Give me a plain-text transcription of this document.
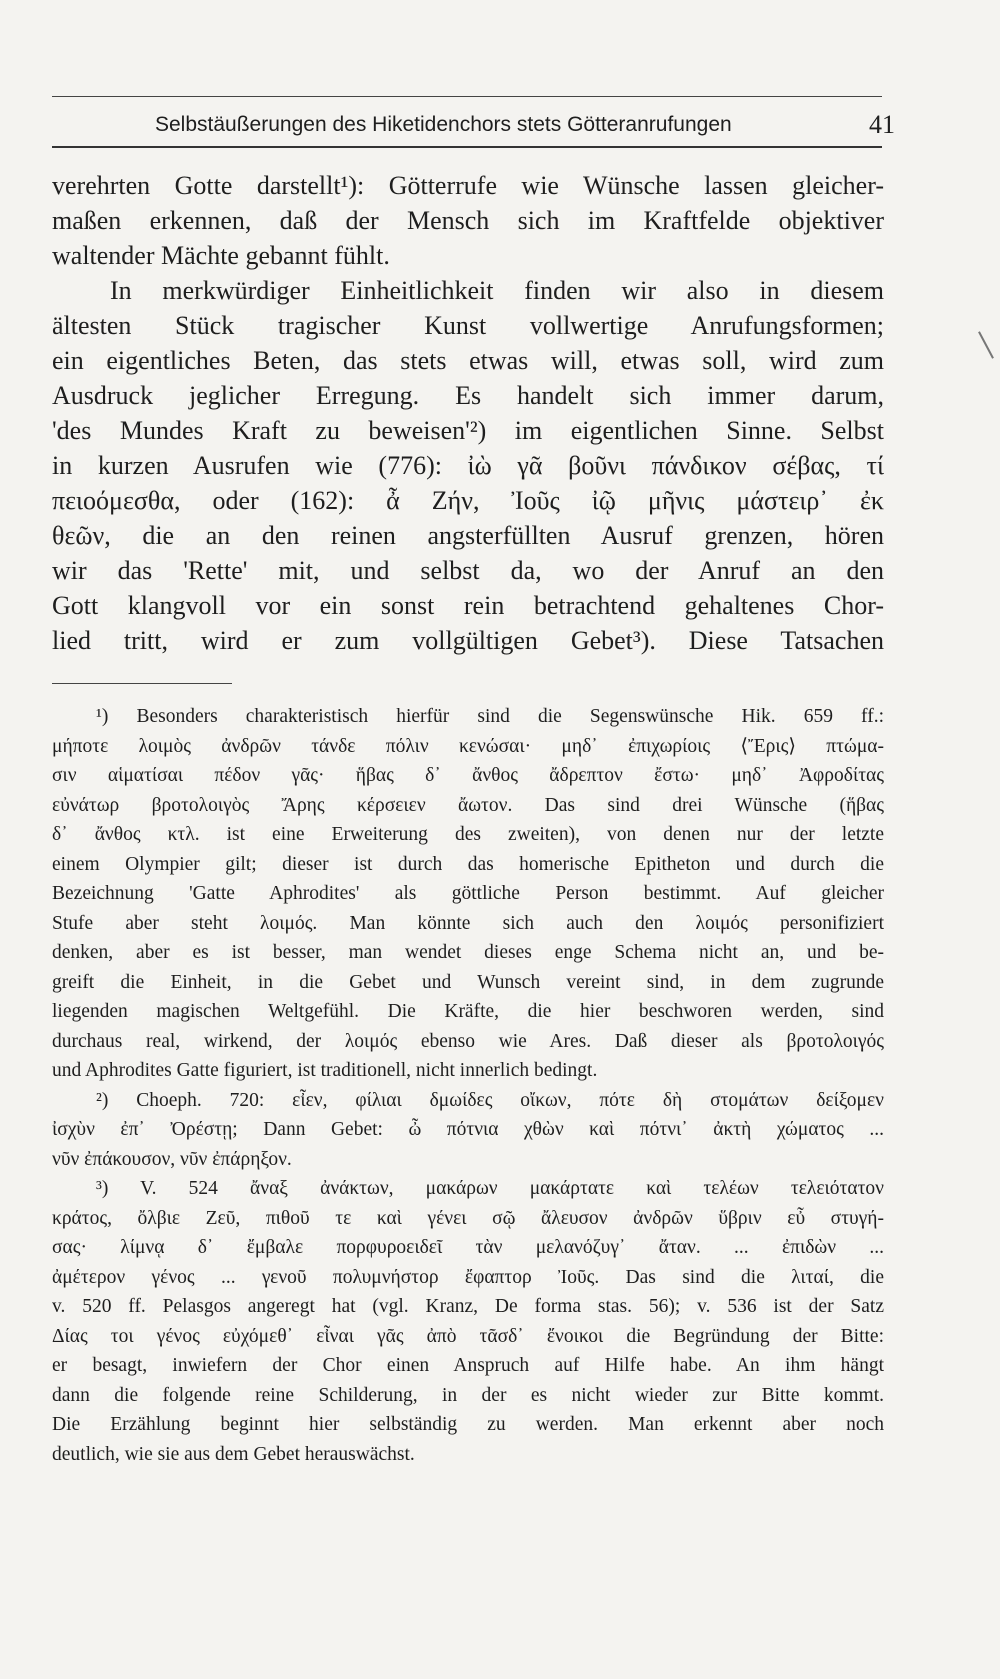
Selbstäußerungen des Hiketidenchors stets Götteranrufungen	41
verehrten Gotte darstellt¹): Götterrufe wie Wünsche lassen gleicher-
maßen erkennen, daß der Mensch sich im Kraftfelde objektiver
waltender Mächte gebannt fühlt.
In merkwürdiger Einheitlichkeit finden wir also in diesem
ältesten Stück tragischer Kunst vollwertige Anrufungsformen;
ein eigentliches Beten, das stets etwas will, etwas soll, wird zum
Ausdruck jeglicher Erregung. Es handelt sich immer darum,
'des Mundes Kraft zu beweisen'²) im eigentlichen Sinne. Selbst
in kurzen Ausrufen wie (776): ἰὼ γᾶ βοῦνι πάνδικον σέβας, τί
πειοόμεσθα, oder (162): ἆ Ζήν, Ἰοῦς ἰῷ μῆνις μάστειρ᾽ ἐκ
θεῶν, die an den reinen angsterfüllten Ausruf grenzen, hören
wir das 'Rette' mit, und selbst da, wo der Anruf an den
Gott klangvoll vor ein sonst rein betrachtend gehaltenes Chor-
lied tritt, wird er zum vollgültigen Gebet³). Diese Tatsachen
¹) Besonders charakteristisch hierfür sind die Segenswünsche Hik. 659 ff.:
μήποτε λοιμὸς ἀνδρῶν τάνδε πόλιν κενώσαι· μηδ᾽ ἐπιχωρίοις ⟨Ἔρις⟩ πτώμα-
σιν αἱματίσαι πέδον γᾶς· ἥβας δ᾽ ἄνθος ἄδρεπτον ἔστω· μηδ᾽ Ἀφροδίτας
εὐνάτωρ βροτολοιγὸς Ἄρης κέρσειεν ἄωτον. Das sind drei Wünsche (ἥβας
δ᾽ ἄνθος κτλ. ist eine Erweiterung des zweiten), von denen nur der letzte
einem Olympier gilt; dieser ist durch das homerische Epitheton und durch die
Bezeichnung 'Gatte Aphrodites' als göttliche Person bestimmt. Auf gleicher
Stufe aber steht λοιμός. Man könnte sich auch den λοιμός personifiziert
denken, aber es ist besser, man wendet dieses enge Schema nicht an, und be-
greift die Einheit, in die Gebet und Wunsch vereint sind, in dem zugrunde
liegenden magischen Weltgefühl. Die Kräfte, die hier beschworen werden, sind
durchaus real, wirkend, der λοιμός ebenso wie Ares. Daß dieser als βροτολοιγός
und Aphrodites Gatte figuriert, ist traditionell, nicht innerlich bedingt.
²) Choeph. 720: εἶεν, φίλιαι δμωίδες οἴκων, πότε δὴ στομάτων δείξομεν
ἰσχὺν ἐπ᾽ Ὀρέστῃ; Dann Gebet: ὦ πότνια χθὼν καὶ πότνι᾽ ἀκτὴ χώματος ...
νῦν ἐπάκουσον, νῦν ἐπάρηξον.
³) V. 524 ἄναξ ἀνάκτων, μακάρων μακάρτατε καὶ τελέων τελειότατον
κράτος, ὄλβιε Ζεῦ, πιθοῦ τε καὶ γένει σῷ ἄλευσον ἀνδρῶν ὕβριν εὖ στυγή-
σας· λίμνᾳ δ᾽ ἔμβαλε πορφυροειδεῖ τὰν μελανόζυγ᾽ ἄταν. ... ἐπιδὼν ...
ἀμέτερον γένος ... γενοῦ πολυμνήστορ ἔφαπτορ Ἰοῦς. Das sind die λιταί, die
v. 520 ff. Pelasgos angeregt hat (vgl. Kranz, De forma stas. 56); v. 536 ist der Satz
Δίας τοι γένος εὐχόμεθ᾽ εἶναι γᾶς ἀπὸ τᾶσδ᾽ ἔνοικοι die Begründung der Bitte:
er besagt, inwiefern der Chor einen Anspruch auf Hilfe habe. An ihm hängt
dann die folgende reine Schilderung, in der es nicht wieder zur Bitte kommt.
Die Erzählung beginnt hier selbständig zu werden. Man erkennt aber noch
deutlich, wie sie aus dem Gebet herauswächst.
